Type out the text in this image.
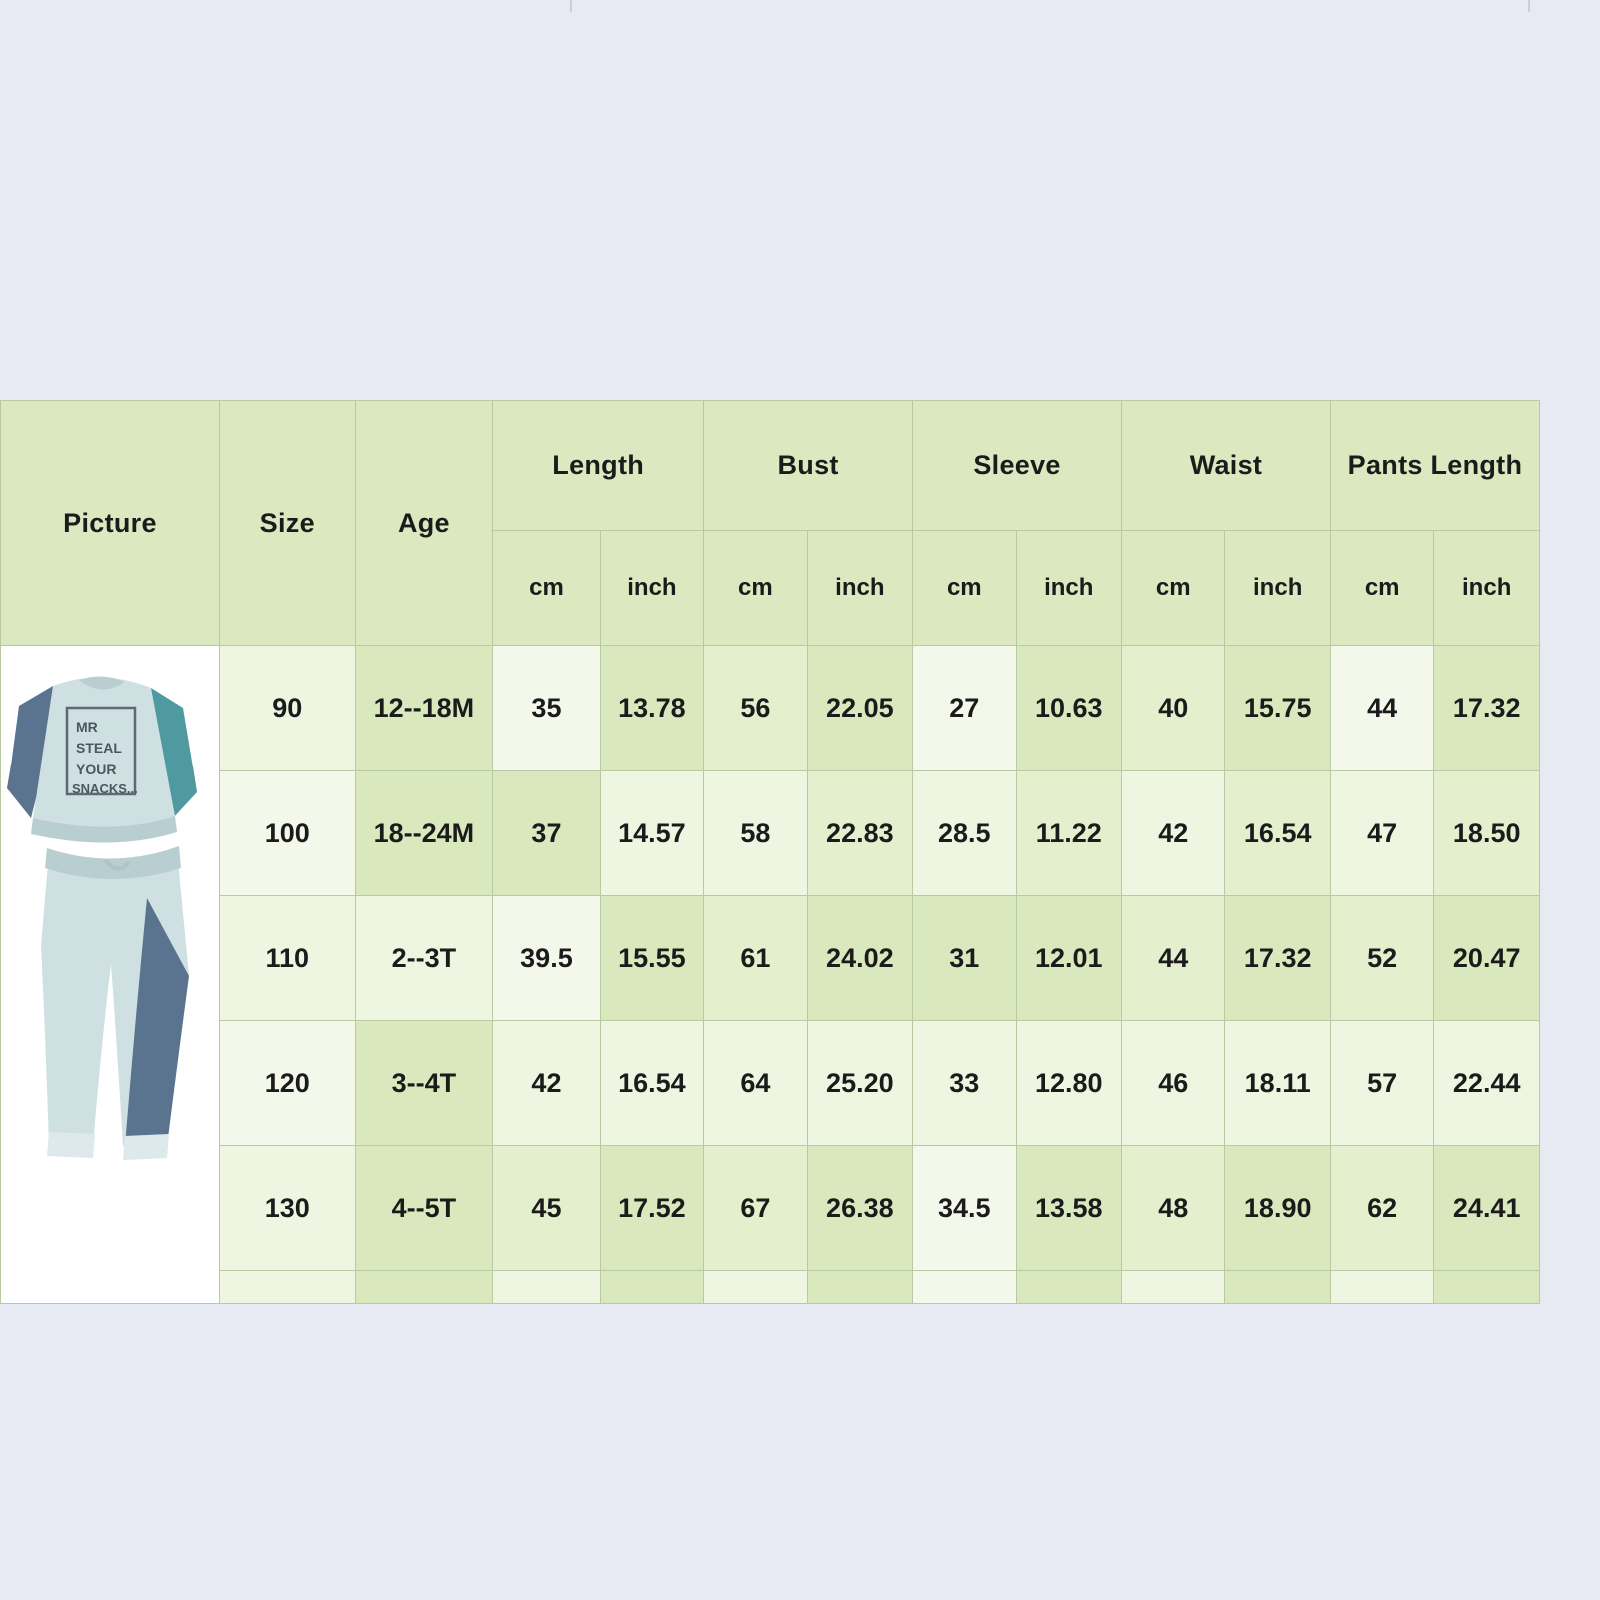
Picture	Size	Age	Length		Bust		Sleeve		Waist		Pants Length	
			cm	inch	cm	inch	cm	inch	cm	inch	cm	inch

MR
STEAL
YOUR
SNACKS...	90	12--18M	35	13.78	56	22.05	27	10.63	40	15.75	44	17.32
	100	18--24M	37	14.57	58	22.83	28.5	11.22	42	16.54	47	18.50
	110	2--3T	39.5	15.55	61	24.02	31	12.01	44	17.32	52	20.47
	120	3--4T	42	16.54	64	25.20	33	12.80	46	18.11	57	22.44
	130	4--5T	45	17.52	67	26.38	34.5	13.58	48	18.90	62	24.41
